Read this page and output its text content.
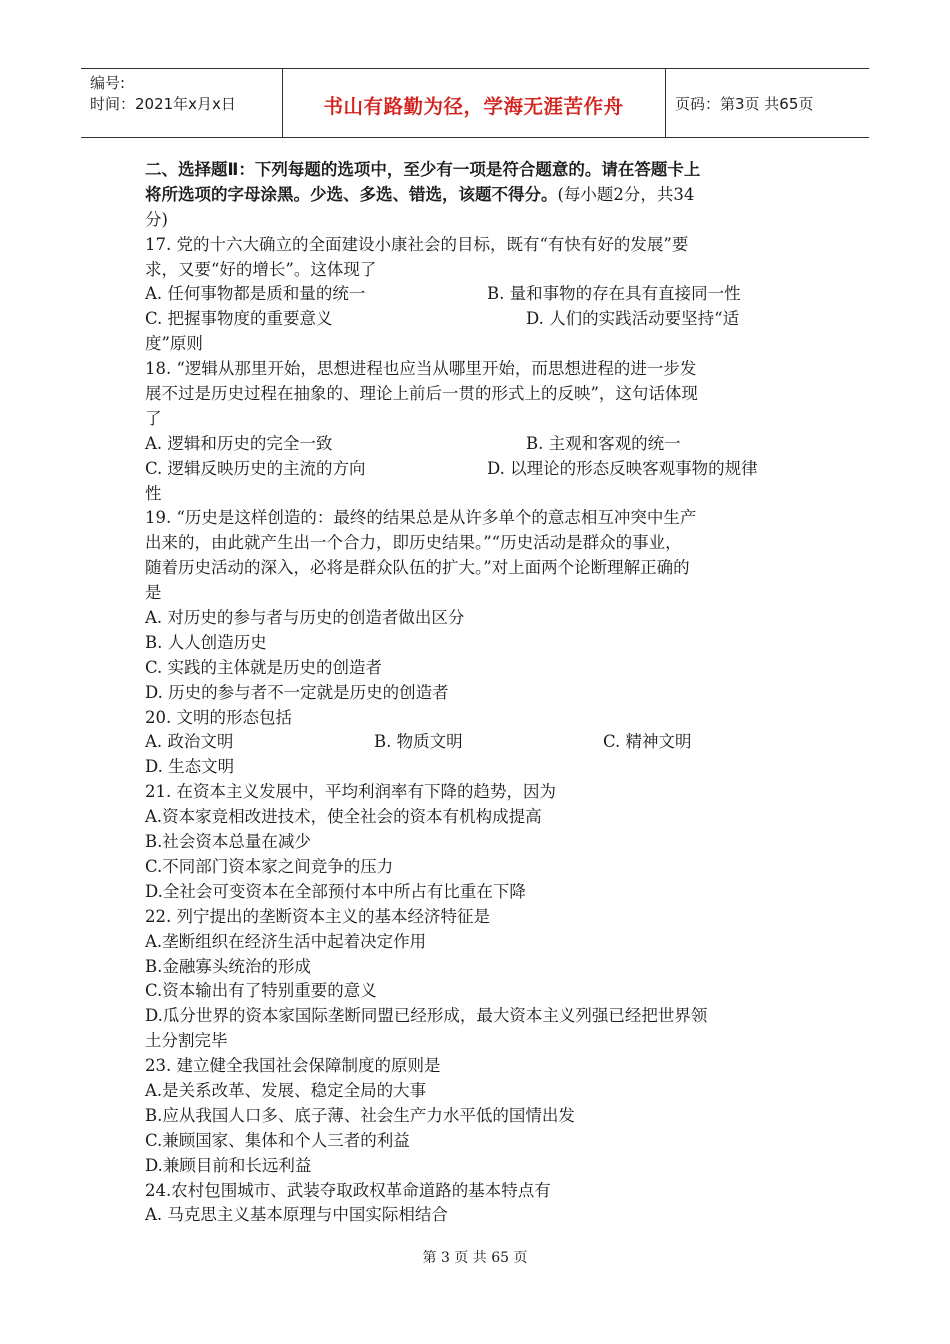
编号:
时间：2021年x月x日	书山有路勤为径，学海无涯苦作舟	页码：第3页 共65页
二、选择题Ⅱ：下列每题的选项中，至少有一项是符合题意的。请在答题卡上
将所选项的字母涂黑。少选、多选、错选，该题不得分。(每小题2分，共34
分)
17. 党的十六大确立的全面建设小康社会的目标，既有“有快有好的发展”要
求，又要“好的增长”。这体现了
A. 任何事物都是质和量的统一	B. 量和事物的存在具有直接同一性
C. 把握事物度的重要意义	D. 人们的实践活动要坚持“适
度”原则
18. “逻辑从那里开始，思想进程也应当从哪里开始，而思想进程的进一步发
展不过是历史过程在抽象的、理论上前后一贯的形式上的反映”，这句话体现
了
A. 逻辑和历史的完全一致	B. 主观和客观的统一
C. 逻辑反映历史的主流的方向	D. 以理论的形态反映客观事物的规律
性
19. “历史是这样创造的：最终的结果总是从许多单个的意志相互冲突中生产
出来的，由此就产生出一个合力，即历史结果。”“历史活动是群众的事业，
随着历史活动的深入，必将是群众队伍的扩大。”对上面两个论断理解正确的
是
A. 对历史的参与者与历史的创造者做出区分
B. 人人创造历史
C. 实践的主体就是历史的创造者
D. 历史的参与者不一定就是历史的创造者
20. 文明的形态包括
A. 政治文明	B. 物质文明	C. 精神文明
D. 生态文明
21. 在资本主义发展中，平均利润率有下降的趋势，因为
A.资本家竞相改进技术，使全社会的资本有机构成提高
B.社会资本总量在减少
C.不同部门资本家之间竞争的压力
D.全社会可变资本在全部预付本中所占有比重在下降
22. 列宁提出的垄断资本主义的基本经济特征是
A.垄断组织在经济生活中起着决定作用
B.金融寡头统治的形成
C.资本输出有了特别重要的意义
D.瓜分世界的资本家国际垄断同盟已经形成，最大资本主义列强已经把世界领
土分割完毕
23. 建立健全我国社会保障制度的原则是
A.是关系改革、发展、稳定全局的大事
B.应从我国人口多、底子薄、社会生产力水平低的国情出发
C.兼顾国家、集体和个人三者的利益
D.兼顾目前和长远利益
24.农村包围城市、武装夺取政权革命道路的基本特点有
A. 马克思主义基本原理与中国实际相结合
第 3 页 共 65 页
